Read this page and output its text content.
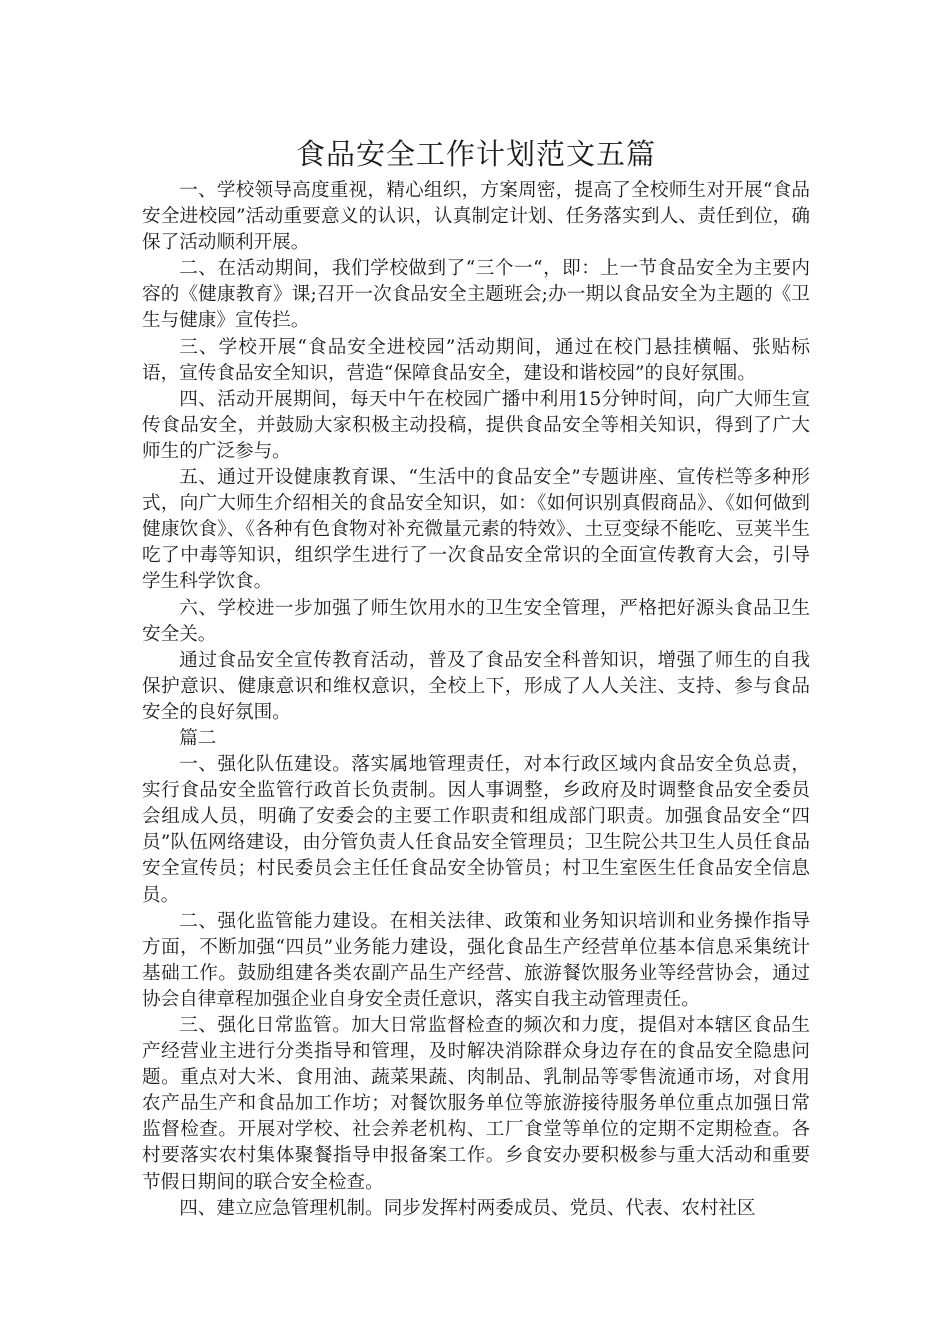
食品安全工作计划范文五篇

一、学校领导高度重视，精心组织，方案周密，提高了全校师生对开展“食品安全进校园”活动重要意义的认识，认真制定计划、任务落实到人、责任到位，确保了活动顺利开展。

二、在活动期间，我们学校做到了“三个一“，即：上一节食品安全为主要内容的《健康教育》课;召开一次食品安全主题班会;办一期以食品安全为主题的《卫生与健康》宣传拦。

三、学校开展“食品安全进校园”活动期间，通过在校门悬挂横幅、张贴标语，宣传食品安全知识，营造“保障食品安全，建设和谐校园”的良好氛围。

四、活动开展期间，每天中午在校园广播中利用15分钟时间，向广大师生宣传食品安全，并鼓励大家积极主动投稿，提供食品安全等相关知识，得到了广大师生的广泛参与。

五、通过开设健康教育课、“生活中的食品安全”专题讲座、宣传栏等多种形式，向广大师生介绍相关的食品安全知识，如：《如何识别真假商品》、《如何做到健康饮食》、《各种有色食物对补充微量元素的特效》、土豆变绿不能吃、豆荚半生吃了中毒等知识，组织学生进行了一次食品安全常识的全面宣传教育大会，引导学生科学饮食。

六、学校进一步加强了师生饮用水的卫生安全管理，严格把好源头食品卫生安全关。

通过食品安全宣传教育活动，普及了食品安全科普知识，增强了师生的自我保护意识、健康意识和维权意识，全校上下，形成了人人关注、支持、参与食品安全的良好氛围。

篇二

一、强化队伍建设。落实属地管理责任，对本行政区域内食品安全负总责，实行食品安全监管行政首长负责制。因人事调整，乡政府及时调整食品安全委员会组成人员，明确了安委会的主要工作职责和组成部门职责。加强食品安全“四员”队伍网络建设，由分管负责人任食品安全管理员；卫生院公共卫生人员任食品安全宣传员；村民委员会主任任食品安全协管员；村卫生室医生任食品安全信息员。

二、强化监管能力建设。在相关法律、政策和业务知识培训和业务操作指导方面，不断加强“四员”业务能力建设，强化食品生产经营单位基本信息采集统计基础工作。鼓励组建各类农副产品生产经营、旅游餐饮服务业等经营协会，通过协会自律章程加强企业自身安全责任意识，落实自我主动管理责任。

三、强化日常监管。加大日常监督检查的频次和力度，提倡对本辖区食品生产经营业主进行分类指导和管理，及时解决消除群众身边存在的食品安全隐患问题。重点对大米、食用油、蔬菜果蔬、肉制品、乳制品等零售流通市场，对食用农产品生产和食品加工作坊；对餐饮服务单位等旅游接待服务单位重点加强日常监督检查。开展对学校、社会养老机构、工厂食堂等单位的定期不定期检查。各村要落实农村集体聚餐指导申报备案工作。乡食安办要积极参与重大活动和重要节假日期间的联合安全检查。

四、建立应急管理机制。同步发挥村两委成员、党员、代表、农村社区
